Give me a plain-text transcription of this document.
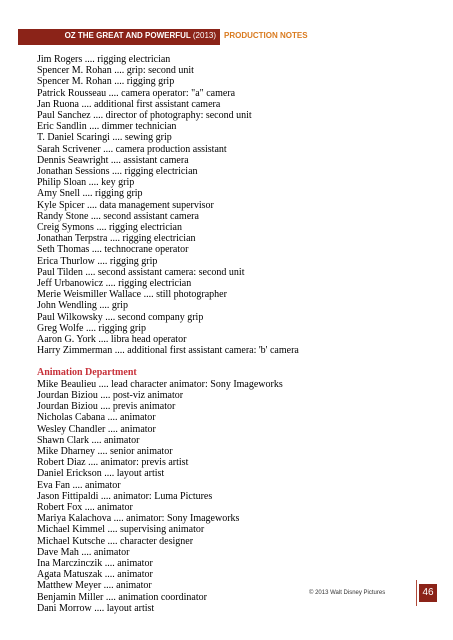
OZ THE GREAT AND POWERFUL (2013)	PRODUCTION NOTES
Jim Rogers .... rigging electrician
Spencer M. Rohan .... grip: second unit
Spencer M. Rohan .... rigging grip
Patrick Rousseau .... camera operator: "a" camera
Jan Ruona .... additional first assistant camera
Paul Sanchez .... director of photography: second unit
Eric Sandlin .... dimmer technician
T. Daniel Scaringi .... sewing grip
Sarah Scrivener .... camera production assistant
Dennis Seawright .... assistant camera
Jonathan Sessions .... rigging electrician
Philip Sloan .... key grip
Amy Snell .... rigging grip
Kyle Spicer .... data management supervisor
Randy Stone .... second assistant camera
Creig Symons .... rigging electrician
Jonathan Terpstra .... rigging electrician
Seth Thomas .... technocrane operator
Erica Thurlow .... rigging grip
Paul Tilden .... second assistant camera: second unit
Jeff Urbanowicz .... rigging electrician
Merie Weismiller Wallace .... still photographer
John Wendling .... grip
Paul Wilkowsky .... second company grip
Greg Wolfe .... rigging grip
Aaron G. York .... libra head operator
Harry Zimmerman .... additional first assistant camera: 'b' camera
Animation Department
Mike Beaulieu .... lead character animator: Sony Imageworks
Jourdan Biziou .... post-viz animator
Jourdan Biziou .... previs animator
Nicholas Cabana .... animator
Wesley Chandler .... animator
Shawn Clark .... animator
Mike Dharney .... senior animator
Robert Diaz .... animator: previs artist
Daniel Erickson .... layout artist
Eva Fan .... animator
Jason Fittipaldi .... animator: Luma Pictures
Robert Fox .... animator
Mariya Kalachova .... animator: Sony Imageworks
Michael Kimmel .... supervising animator
Michael Kutsche .... character designer
Dave Mah .... animator
Ina Marczinczik .... animator
Agata Matuszak .... animator
Matthew Meyer .... animator
Benjamin Miller .... animation coordinator
Dani Morrow .... layout artist
© 2013 Walt Disney Pictures	46
